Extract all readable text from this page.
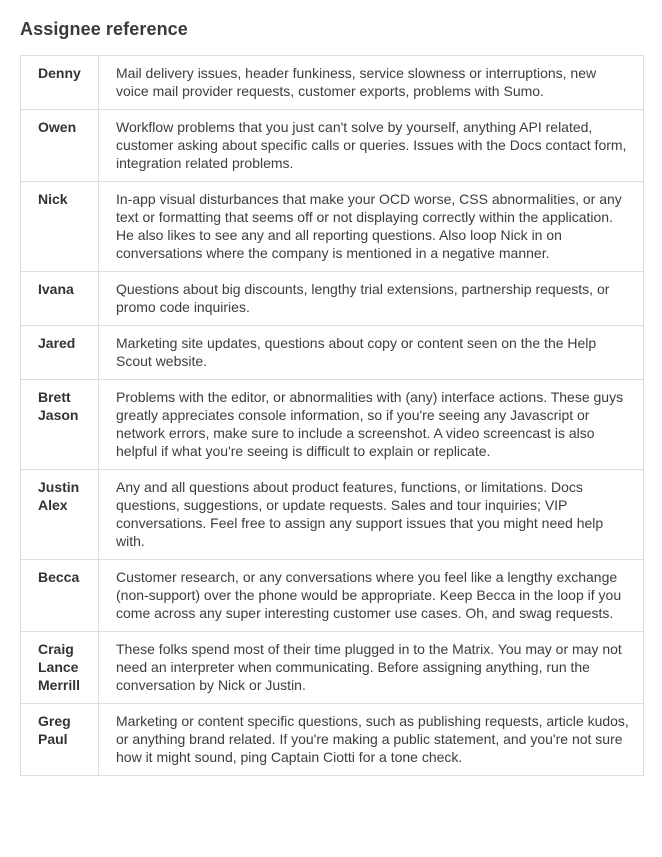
Assignee reference
Denny	Mail delivery issues, header funkiness, service slowness or interruptions, new voice mail provider requests, customer exports, problems with Sumo.

Owen	Workflow problems that you just can't solve by yourself, anything API related, customer asking about specific calls or queries. Issues with the Docs contact form, integration related problems.

Nick	In-app visual disturbances that make your OCD worse, CSS abnormalities, or any text or formatting that seems off or not displaying correctly within the application. He also likes to see any and all reporting questions. Also loop Nick in on conversations where the company is mentioned in a negative manner.

Ivana	Questions about big discounts, lengthy trial extensions, partnership requests, or promo code inquiries.

Jared	Marketing site updates, questions about copy or content seen on the the Help Scout website.

Brett
Jason	Problems with the editor, or abnormalities with (any) interface actions. These guys greatly appreciates console information, so if you're seeing any Javascript or network errors, make sure to include a screenshot. A video screencast is also helpful if what you're seeing is difficult to explain or replicate.

Justin
Alex	Any and all questions about product features, functions, or limitations. Docs questions, suggestions, or update requests. Sales and tour inquiries; VIP conversations. Feel free to assign any support issues that you might need help with.

Becca	Customer research, or any conversations where you feel like a lengthy exchange (non-support) over the phone would be appropriate. Keep Becca in the loop if you come across any super interesting customer use cases. Oh, and swag requests.

Craig
Lance
Merrill	These folks spend most of their time plugged in to the Matrix. You may or may not need an interpreter when communicating. Before assigning anything, run the conversation by Nick or Justin.

Greg
Paul	Marketing or content specific questions, such as publishing requests, article kudos, or anything brand related. If you're making a public statement, and you're not sure how it might sound, ping Captain Ciotti for a tone check.
